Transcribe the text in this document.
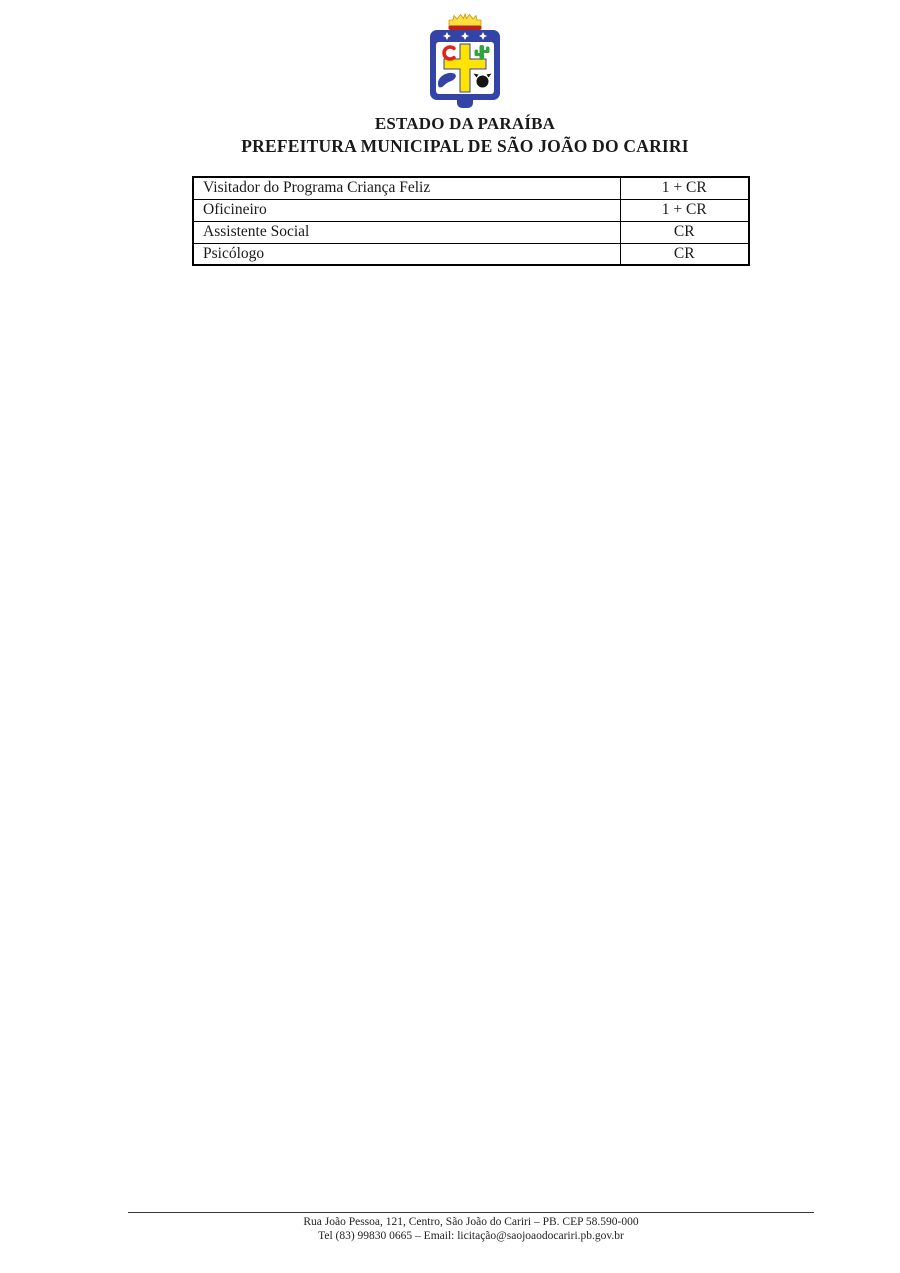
ESTADO DA PARAÍBA
PREFEITURA MUNICIPAL DE SÃO JOÃO DO CARIRI
Visitador do Programa Criança Feliz	1 + CR
Oficineiro	1 + CR
Assistente Social	CR
Psicólogo	CR
Rua João Pessoa, 121, Centro, São João do Cariri – PB. CEP 58.590-000
Tel (83) 99830 0665 – Email: licitação@saojoaodocariri.pb.gov.br
